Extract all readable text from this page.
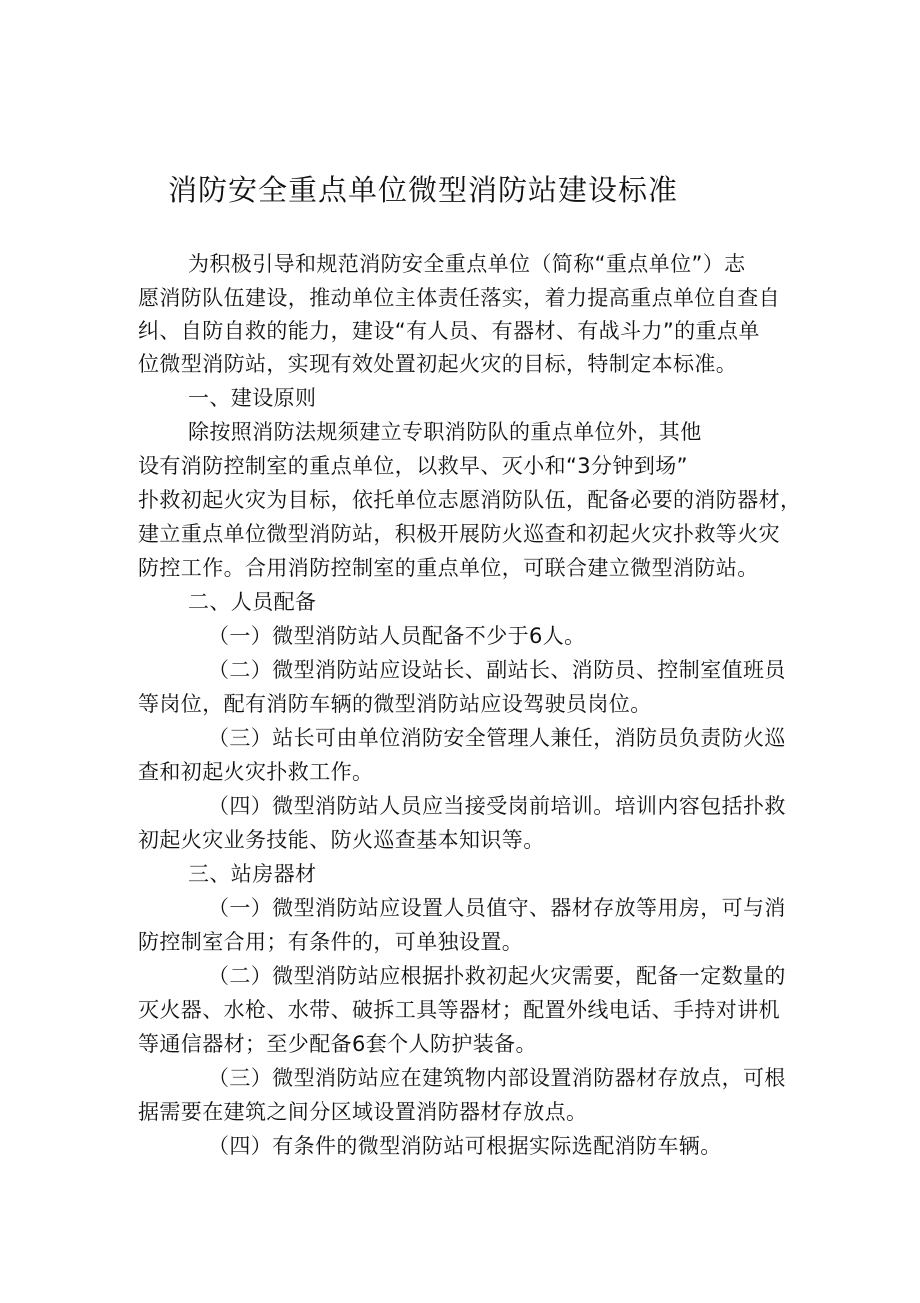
消防安全重点单位微型消防站建设标准

为积极引导和规范消防安全重点单位（简称“重点单位”）志

愿消防队伍建设，推动单位主体责任落实，着力提高重点单位自查自

纠、自防自救的能力，建设“有人员、有器材、有战斗力”的重点单

位微型消防站，实现有效处置初起火灾的目标，特制定本标准。

一、建设原则

除按照消防法规须建立专职消防队的重点单位外，其他

设有消防控制室的重点单位，以救早、灭小和“3分钟到场”

扑救初起火灾为目标，依托单位志愿消防队伍，配备必要的消防器材，

建立重点单位微型消防站，积极开展防火巡查和初起火灾扑救等火灾

防控工作。合用消防控制室的重点单位，可联合建立微型消防站。

二、人员配备

（一）微型消防站人员配备不少于6人。

（二）微型消防站应设站长、副站长、消防员、控制室值班员

等岗位，配有消防车辆的微型消防站应设驾驶员岗位。

（三）站长可由单位消防安全管理人兼任，消防员负责防火巡

查和初起火灾扑救工作。

（四）微型消防站人员应当接受岗前培训。培训内容包括扑救

初起火灾业务技能、防火巡查基本知识等。

三、站房器材

（一）微型消防站应设置人员值守、器材存放等用房，可与消

防控制室合用；有条件的，可单独设置。

（二）微型消防站应根据扑救初起火灾需要，配备一定数量的

灭火器、水枪、水带、破拆工具等器材；配置外线电话、手持对讲机

等通信器材；至少配备6套个人防护装备。

（三）微型消防站应在建筑物内部设置消防器材存放点，可根

据需要在建筑之间分区域设置消防器材存放点。

（四）有条件的微型消防站可根据实际选配消防车辆。
